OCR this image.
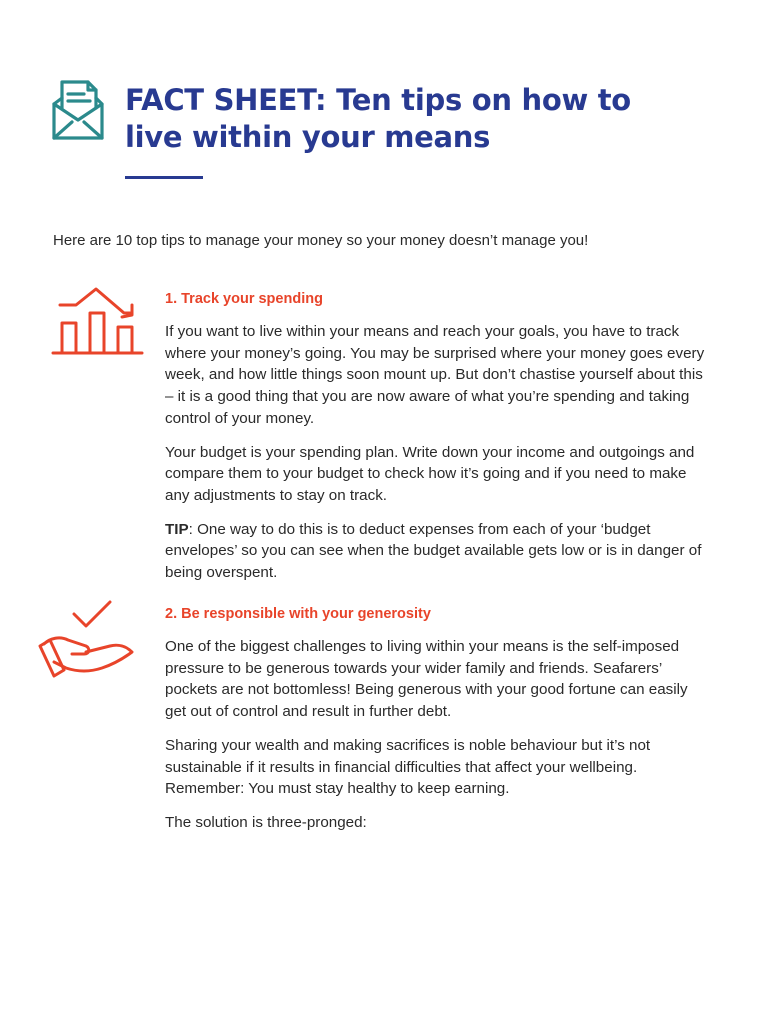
FACT SHEET: Ten tips on how to
live within your means

Here are 10 top tips to manage your money so your money doesn’t manage you!

1. Track your spending

If you want to live within your means and reach your goals, you have to track where your money’s going. You may be surprised where your money goes every week, and how little things soon mount up. But don’t chastise yourself about this – it is a good thing that you are now aware of what you’re spending and taking control of your money.

Your budget is your spending plan. Write down your income and outgoings and compare them to your budget to check how it’s going and if you need to make any adjustments to stay on track.

TIP: One way to do this is to deduct expenses from each of your ‘budget envelopes’ so you can see when the budget available gets low or is in danger of being overspent.

2. Be responsible with your generosity

One of the biggest challenges to living within your means is the self-imposed pressure to be generous towards your wider family and friends. Seafarers’ pockets are not bottomless! Being generous with your good fortune can easily get out of control and result in further debt.

Sharing your wealth and making sacrifices is noble behaviour but it’s not sustainable if it results in financial difficulties that affect your wellbeing. Remember: You must stay healthy to keep earning.

The solution is three-pronged:
